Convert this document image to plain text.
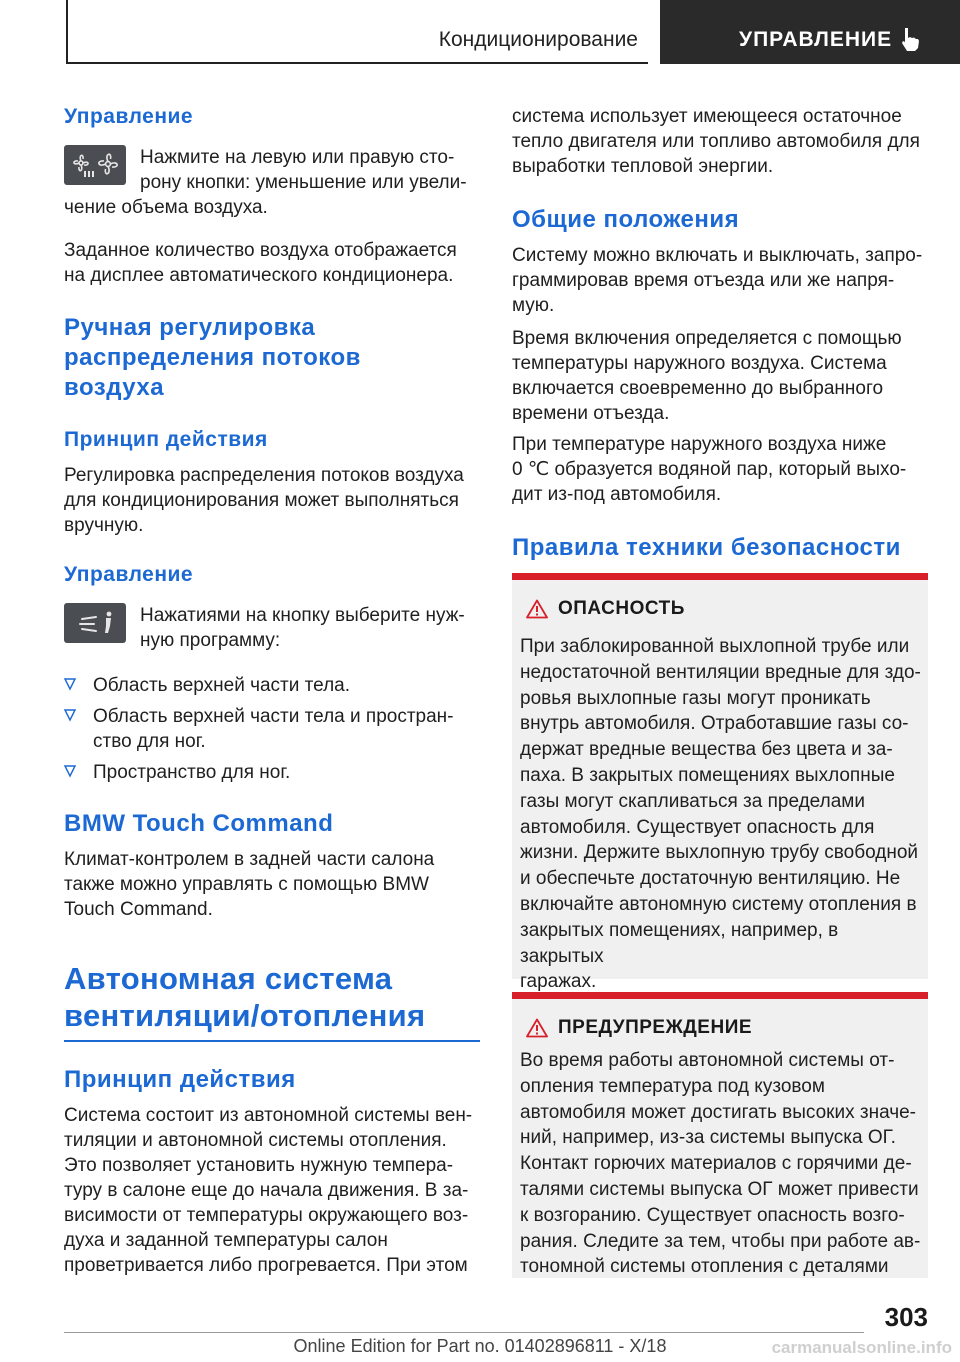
Кондиционирование	УПРАВЛЕНИЕ
Управление
Нажмите на левую или правую сто-
рону кнопки: уменьшение или увели-
чение объема воздуха.
Заданное количество воздуха отображается
на дисплее автоматического кондиционера.
Ручная регулировка
распределения потоков
воздуха
Принцип действия
Регулировка распределения потоков воздуха
для кондиционирования может выполняться
вручную.
Управление
Нажатиями на кнопку выберите нуж-
ную программу:
Область верхней части тела.
Область верхней части тела и простран-
ство для ног.
Пространство для ног.
BMW Touch Command
Климат-контролем в задней части салона
также можно управлять с помощью BMW
Touch Command.
Автономная система
вентиляции/отопления
Принцип действия
Система состоит из автономной системы вен-
тиляции и автономной системы отопления.
Это позволяет установить нужную темпера-
туру в салоне еще до начала движения. В за-
висимости от температуры окружающего воз-
духа и заданной температуры салон
проветривается либо прогревается. При этом
система использует имеющееся остаточное
тепло двигателя или топливо автомобиля для
выработки тепловой энергии.
Общие положения
Систему можно включать и выключать, запро-
граммировав время отъезда или же напря-
мую.
Время включения определяется с помощью
температуры наружного воздуха. Система
включается своевременно до выбранного
времени отъезда.
При температуре наружного воздуха ниже
0 ℃ образуется водяной пар, который выхо-
дит из-под автомобиля.
Правила техники безопасности
ОПАСНОСТЬ
При заблокированной выхлопной трубе или
недостаточной вентиляции вредные для здо-
ровья выхлопные газы могут проникать
внутрь автомобиля. Отработавшие газы со-
держат вредные вещества без цвета и за-
паха. В закрытых помещениях выхлопные
газы могут скапливаться за пределами
автомобиля. Существует опасность для
жизни. Держите выхлопную трубу свободной
и обеспечьте достаточную вентиляцию. Не
включайте автономную систему отопления в
закрытых помещениях, например, в закрытых
гаражах.
ПРЕДУПРЕЖДЕНИЕ
Во время работы автономной системы от-
опления температура под кузовом
автомобиля может достигать высоких значе-
ний, например, из-за системы выпуска ОГ.
Контакт горючих материалов с горячими де-
талями системы выпуска ОГ может привести
к возгоранию. Существует опасность возго-
рания. Следите за тем, чтобы при работе ав-
тономной системы отопления с деталями
303
Online Edition for Part no. 01402896811 - X/18	carmanualsonline.info
